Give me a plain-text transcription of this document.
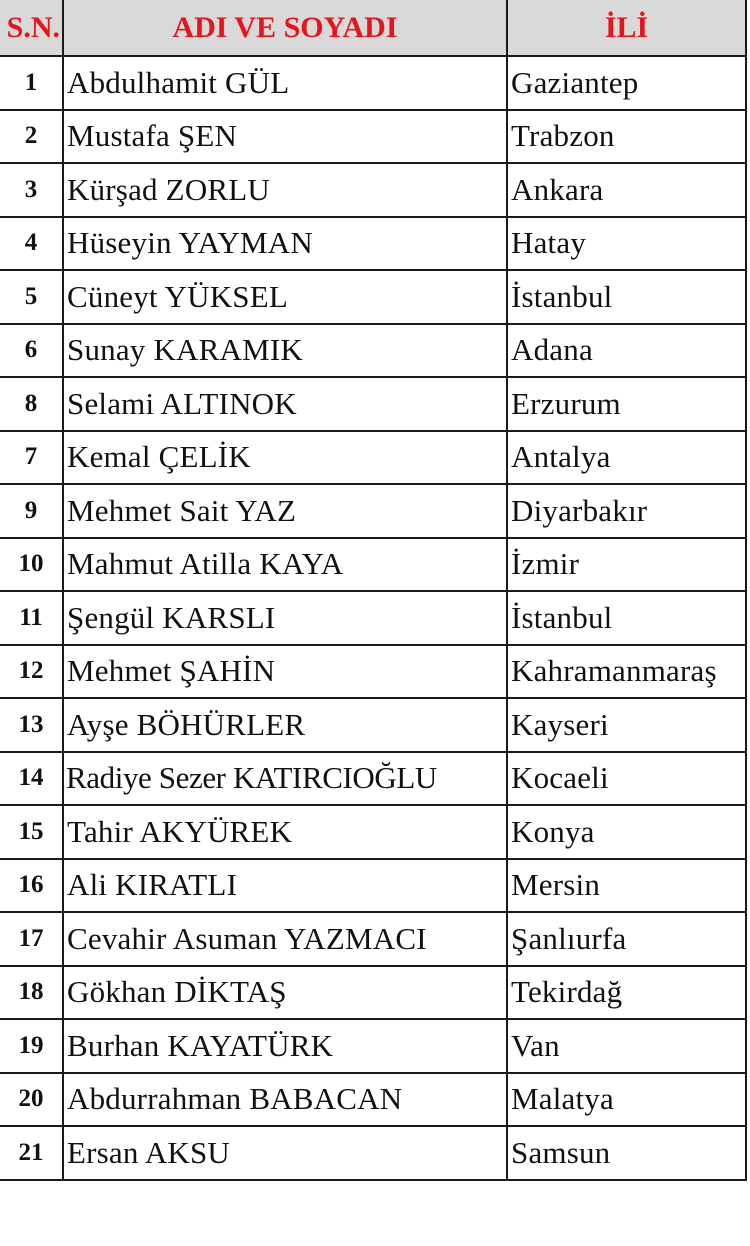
S.N.	ADI VE SOYADI	İLİ
1	Abdulhamit GÜL	Gaziantep
2	Mustafa ŞEN	Trabzon
3	Kürşad ZORLU	Ankara
4	Hüseyin YAYMAN	Hatay
5	Cüneyt YÜKSEL	İstanbul
6	Sunay KARAMIK	Adana
8	Selami ALTINOK	Erzurum
7	Kemal ÇELİK	Antalya
9	Mehmet Sait YAZ	Diyarbakır
10	Mahmut Atilla KAYA	İzmir
11	Şengül KARSLI	İstanbul
12	Mehmet ŞAHİN	Kahramanmaraş
13	Ayşe BÖHÜRLER	Kayseri
14	Radiye Sezer KATIRCIOĞLU	Kocaeli
15	Tahir AKYÜREK	Konya
16	Ali KIRATLI	Mersin
17	Cevahir Asuman YAZMACI	Şanlıurfa
18	Gökhan DİKTAŞ	Tekirdağ
19	Burhan KAYATÜRK	Van
20	Abdurrahman BABACAN	Malatya
21	Ersan AKSU	Samsun
